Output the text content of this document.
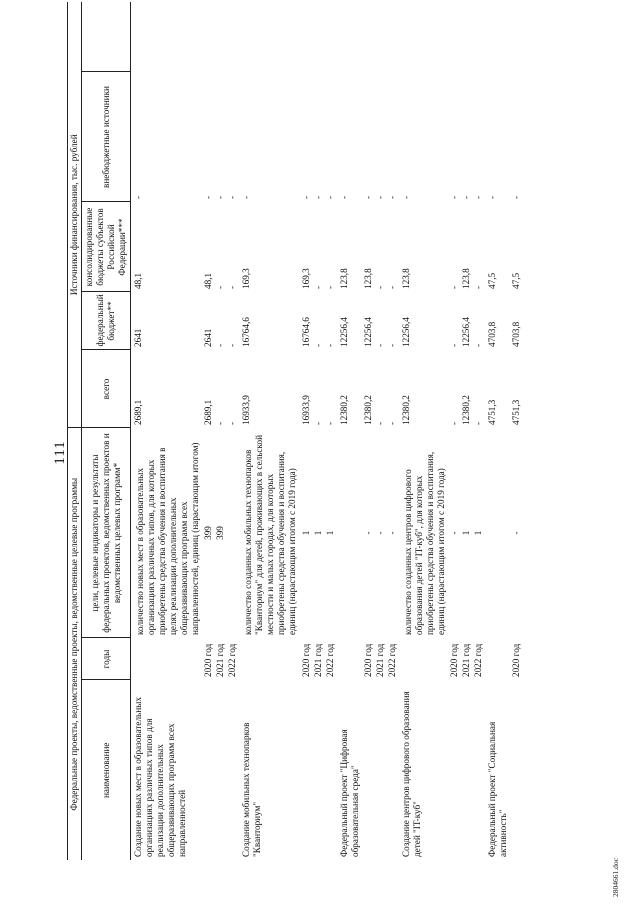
111
Федеральные проекты, ведомственные проекты, ведомственные целевые программы			Источники финансирования, тыс. рублей				
наименование	годы	цели, целевые индикаторы и результаты федеральных проектов, ведомственных проектов и ведомственных целевых программ*	всего	федеральный бюджет**	консолидированные бюджеты субъектов Российской Федерации***	внебюджетные источники	
Создание новых мест в образовательных организациях различных типов для реализации дополнительных общеразвивающих программ всех направленностей		количество новых мест в образовательных организациях различных типов, для которых приобретены средства обучения и воспитания в целях реализации дополнительных общеразвивающих программ всех направленностей, единиц (нарастающим итогом)	2689,1	2641	48,1	-	
	2020 год	399	2689,1	2641	48,1	-	
	2021 год	399	-	-	-	-	
	2022 год		-	-	-	-	
Создание мобильных технопарков "Кванториум"		количество созданных мобильных технопарков "Кванториум" для детей, проживающих в сельской местности и малых городах, для которых приобретены средства обучения и воспитания, единиц (нарастающим итогом с 2019 года)	16933,9	16764,6	169,3	-	
	2020 год	1	16933,9	16764,6	169,3	-	
	2021 год	1	-	-	-	-	
	2022 год	1	-	-	-	-	
Федеральный проект "Цифровая образовательная среда"			12380,2	12256,4	123,8	-	
	2020 год	-	12380,2	12256,4	123,8	-	
	2021 год	-	-	-	-	-	
	2022 год	-	-	-	-	-	
Создание центров цифрового образования детей "IT-куб"		количество созданных центров цифрового образования детей "IT-куб", для которых приобретены средства обучения и воспитания, единиц (нарастающим итогом с 2019 года)	12380,2	12256,4	123,8	-	
	2020 год	-	-	-	-	-	
	2021 год	1	12380,2	12256,4	123,8	-	
	2022 год	1	-	-	-	-	
Федеральный проект "Социальная активность"			4751,3	4703,8	47,5	-	
	2020 год	-	4751,3	4703,8	47,5	-	
2804661.doc
